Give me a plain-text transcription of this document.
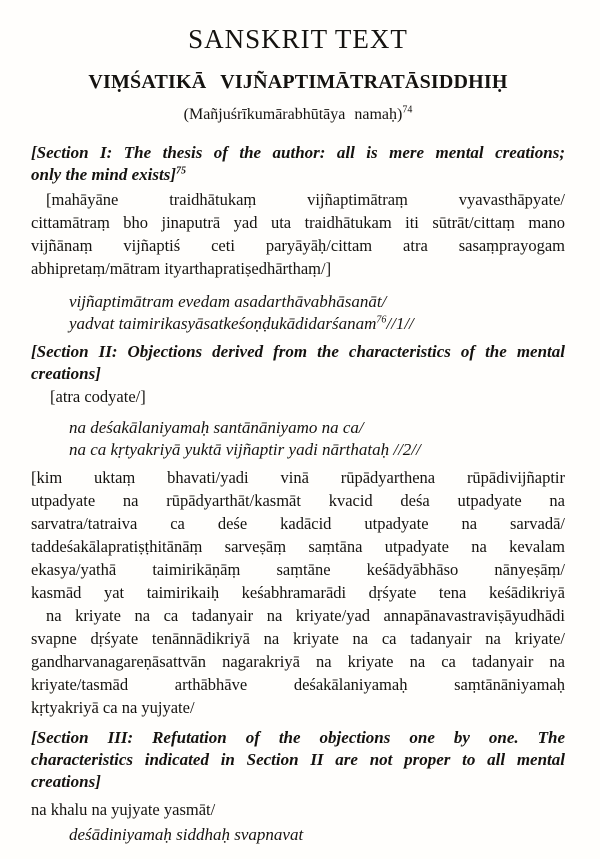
SANSKRIT TEXT
VIṂŚATIKĀ VIJÑAPTIMĀTRATĀSIDDHIḤ
(Mañjuśrīkumārabhūtāya namaḥ)$^{74}$
[Section I: The thesis of the author: all is mere mental creations;
only the mind exists]$^{75}$
[mahāyāne traidhātukaṃ vijñaptimātraṃ vyavasthāpyate/
cittamātraṃ bho jinaputrā yad uta traidhātukam iti sūtrāt/cittaṃ mano
vijñānaṃ vijñaptiś ceti paryāyāḥ/cittam atra sasaṃprayogam
abhipretaṃ/mātram ityarthapratiṣedhārthaṃ/]
vijñaptimātram evedam asadarthāvabhāsanāt/
yadvat taimirikasyāsatkeśoṇḍukādidarśanam$^{76}$//1//
[Section II: Objections derived from the characteristics of the mental
creations]
[atra codyate/]
na deśakālaniyamaḥ santānāniyamo na ca/
na ca kṛtyakriyā yuktā vijñaptir yadi nārthataḥ //2//
[kim uktaṃ bhavati/yadi vinā rūpādyarthena rūpādivijñaptir
utpadyate na rūpādyarthāt/kasmāt kvacid deśa utpadyate na
sarvatra/tatraiva ca deśe kadācid utpadyate na sarvadā/
taddeśakālapratiṣṭhitānāṃ sarveṣāṃ saṃtāna utpadyate na kevalam
ekasya/yathā taimirikāṇāṃ saṃtāne keśādyābhāso nānyeṣāṃ/
kasmād yat taimirikaiḥ keśabhramarādi dṛśyate tena keśādikriyā
na kriyate na ca tadanyair na kriyate/yad annapānavastraviṣāyudhādi
svapne dṛśyate tenānnādikriyā na kriyate na ca tadanyair na kriyate/
gandharvanagareṇāsattvān nagarakriyā na kriyate na ca tadanyair na
kriyate/tasmād arthābhāve deśakālaniyamaḥ saṃtānāniyamaḥ
kṛtyakriyā ca na yujyate/
[Section III: Refutation of the objections one by one. The
characteristics indicated in Section II are not proper to all mental
creations]
na khalu na yujyate yasmāt/
deśādiniyamaḥ siddhaḥ svapnavat
